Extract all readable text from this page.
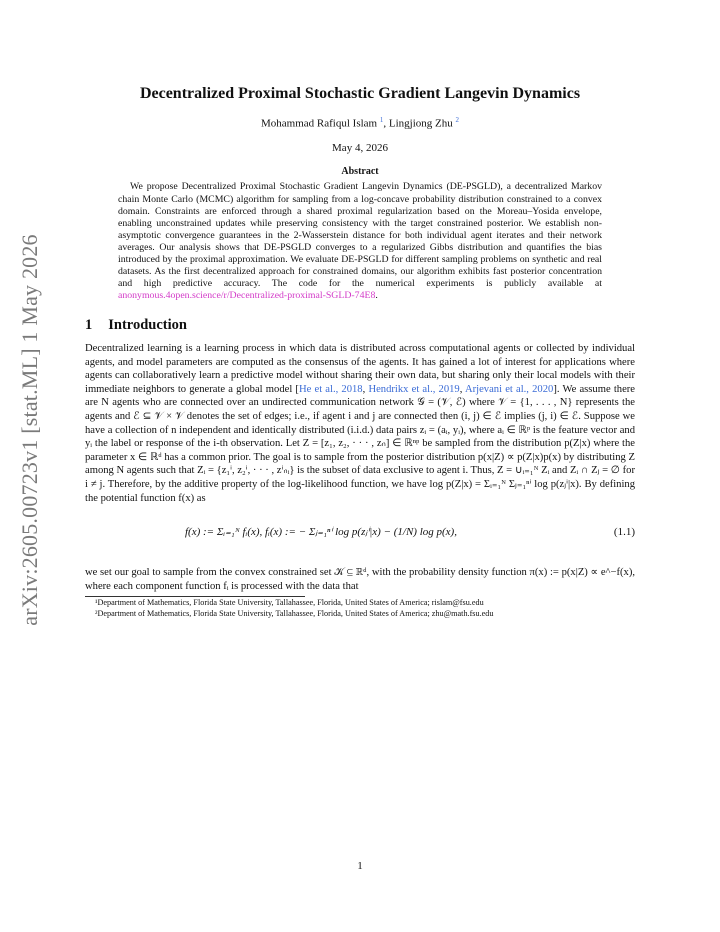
arXiv:2605.00723v1 [stat.ML] 1 May 2026
Decentralized Proximal Stochastic Gradient Langevin Dynamics
Mohammad Rafiqul Islam $^1$, Lingjiong Zhu $^2$
May 4, 2026
Abstract

We propose Decentralized Proximal Stochastic Gradient Langevin Dynamics (DE-PSGLD), a decentralized Markov chain Monte Carlo (MCMC) algorithm for sampling from a log-concave probability distribution constrained to a convex domain. Constraints are enforced through a shared proximal regularization based on the Moreau–Yosida envelope, enabling unconstrained updates while preserving consistency with the target constrained posterior. We establish non-asymptotic convergence guarantees in the 2-Wasserstein distance for both individual agent iterates and their network averages. Our analysis shows that DE-PSGLD converges to a regularized Gibbs distribution and quantifies the bias introduced by the proximal approximation. We evaluate DE-PSGLD for different sampling problems on synthetic and real datasets. As the first decentralized approach for constrained domains, our algorithm exhibits fast posterior concentration and high predictive accuracy. The code for the numerical experiments is publicly available at anonymous.4open.science/r/Decentralized-proximal-SGLD-74E8.

1 Introduction

Decentralized learning is a learning process in which data is distributed across computational agents or collected by individual agents, and model parameters are computed as the consensus of the agents. It has gained a lot of interest for applications where agents can collaboratively learn a predictive model without sharing their own data, but sharing only their local models with their immediate neighbors to generate a global model [He et al., 2018, Hendrikx et al., 2019, Arjevani et al., 2020]. We assume there are N agents who are connected over an undirected communication network 𝒢 = (𝒱, ℰ) where 𝒱 = {1, . . . , N} represents the agents and ℰ ⊆ 𝒱 × 𝒱 denotes the set of edges; i.e., if agent i and j are connected then (i, j) ∈ ℰ implies (j, i) ∈ ℰ. Suppose we have a collection of n independent and identically distributed (i.i.d.) data pairs zᵢ = (aᵢ, yᵢ), where aᵢ ∈ ℝᵖ is the feature vector and yᵢ the label or response of the i-th observation. Let Z = [z₁, z₂, · · · , zₙ] ∈ ℝⁿᵖ be sampled from the distribution p(Z|x) where the parameter x ∈ ℝᵈ has a common prior. The goal is to sample from the posterior distribution p(x|Z) ∝ p(Z|x)p(x) by distributing Z among N agents such that Zᵢ = {z₁ⁱ, z₂ⁱ, · · · , zⁱₙᵢ} is the subset of data exclusive to agent i. Thus, Z = ∪ᵢ₌₁ᴺ Zᵢ and Zᵢ ∩ Zⱼ = ∅ for i ≠ j. Therefore, by the additive property of the log-likelihood function, we have log p(Z|x) = Σᵢ₌₁ᴺ Σⱼ₌₁ⁿⁱ log p(zⱼⁱ|x). By defining the potential function f(x) as

f(x) := Σᵢ₌₁ᴺ fᵢ(x), fᵢ(x) := − Σⱼ₌₁ⁿⁱ log p(zⱼⁱ|x) − (1/N) log p(x),	(1.1)

we set our goal to sample from the convex constrained set 𝒦 ⊆ ℝᵈ, with the probability density function π(x) := p(x|Z) ∝ e^−f(x), where each component function fᵢ is processed with the data that

¹Department of Mathematics, Florida State University, Tallahassee, Florida, United States of America; rislam@fsu.edu

²Department of Mathematics, Florida State University, Tallahassee, Florida, United States of America; zhu@math.fsu.edu

1
